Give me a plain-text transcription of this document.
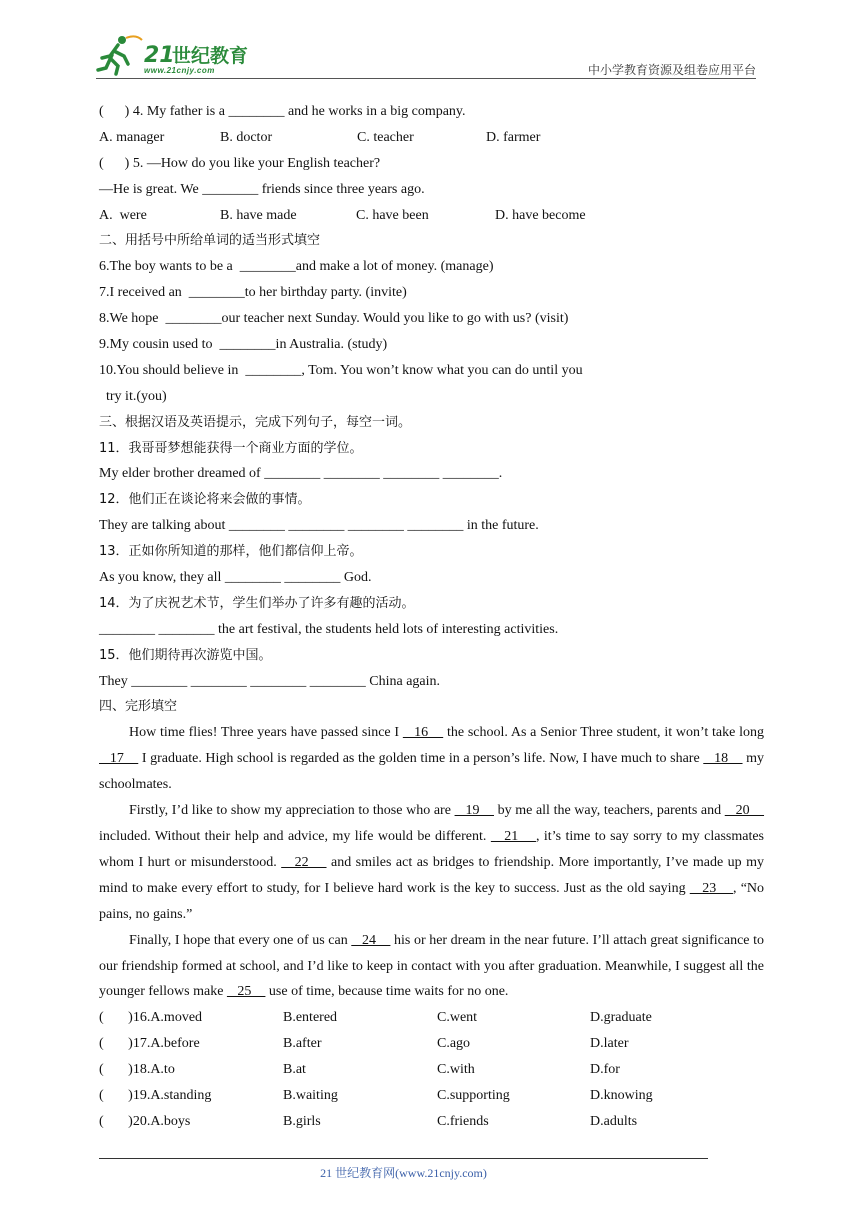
21
世纪教育
www.21cnjy.com	中小学教育资源及组卷应用平台
(      ) 4. My father is a ________ and he works in a big company.
A. manager	B. doctor	C. teacher	D. farmer
(      ) 5. —How do you like your English teacher?
—He is great. We ________ friends since three years ago.
A.  were	B. have made	C. have been	D. have become
二、用括号中所给单词的适当形式填空
6.The boy wants to be a  ________and make a lot of money. (manage)
7.I received an  ________to her birthday party. (invite)
8.We hope  ________our teacher next Sunday. Would you like to go with us? (visit)
9.My cousin used to  ________in Australia. (study)
10.You should believe in  ________, Tom. You won’t know what you can do until you
try it.(you)
三、根据汉语及英语提示，完成下列句子，每空一词。
11．我哥哥梦想能获得一个商业方面的学位。
My elder brother dreamed of ________ ________ ________ ________.
12．他们正在谈论将来会做的事情。
They are talking about ________ ________ ________ ________ in the future.
13．正如你所知道的那样，他们都信仰上帝。
As you know, they all ________ ________ God.
14．为了庆祝艺术节，学生们举办了许多有趣的活动。
________ ________ the art festival, the students held lots of interesting activities.
15．他们期待再次游览中国。
They ________ ________ ________ ________ China again.
四、完形填空

How time flies! Three years have passed since I    16     the school. As a Senior Three student, it won’t take long    17     I graduate. High school is regarded as the golden time in a person’s life. Now, I have much to share    18     my schoolmates.

Firstly, I’d like to show my appreciation to those who are    19     by me all the way, teachers, parents and    20     included. Without their help and advice, my life would be different.    21    , it’s time to say sorry to my classmates whom I hurt or misunderstood.    22     and smiles act as bridges to friendship. More importantly, I’ve made up my mind to make every effort to study, for I believe hard work is the key to success. Just as the old saying    23    , “No pains, no gains.”

Finally, I hope that every one of us can    24     his or her dream in the near future. I’ll attach great significance to our friendship formed at school, and I’d like to keep in contact with you after graduation. Meanwhile, I suggest all the younger fellows make    25     use of time, because time waits for no one.

(       )16.A.moved	B.entered	C.went	D.graduate
(       )17.A.before	B.after	C.ago	D.later
(       )18.A.to	B.at	C.with	D.for
(       )19.A.standing	B.waiting	C.supporting	D.knowing
(       )20.A.boys	B.girls	C.friends	D.adults
21 世纪教育网(www.21cnjy.com)
